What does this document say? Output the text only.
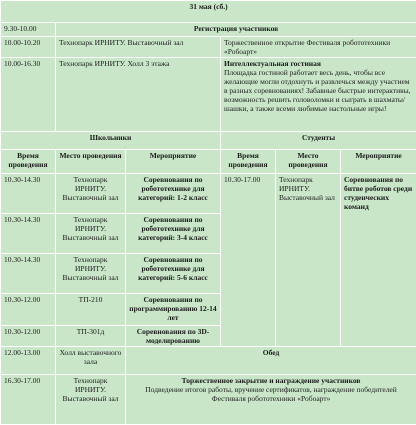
31 мая (сб.)					
9.30-10.00	Регистрация участников				
10.00-10.20	Технопарк ИРНИТУ. Выставочный зал		Торжественное открытие Фестиваля робототехники «Робоарт»		
10.00-16.30	Технопарк ИРНИТУ. Холл 3 этажа		Интеллектуальная гостиная
Площадка гостиной работает весь день, чтобы все желающие могли отдохнуть и развлечься между участием в разных соревнованиях! Забавные быстрые интерактивы, возможность решить головоломки и сыграть в шахматы/шашки, а также всеми любимые настольные игры!		

Школьники			Студенты		
Время проведения	Место проведения	Мероприятие	Время проведения	Место проведения	Мероприятие
10.30-14.30	Технопарк ИРНИТУ. Выставочный зал	Соревнования по робототехнике для категорий: 1-2 класс	10.30-17.00	Технопарк ИРНИТУ. Выставочный зал	Соревнования по битве роботов среди студенческих команд
10.30-14.30	Технопарк ИРНИТУ. Выставочный зал	Соревнования по робототехнике для категорий: 3-4 класс			
10.30-14.30	Технопарк ИРНИТУ. Выставочный зал	Соревнования по робототехнике для категорий: 5-6 класс			
10.30-12.00	ТП-210	Соревнования по программированию 12-14 лет			
10.30-12.00	ТП-301д	Соревнования по 3D-моделированию			
12.00-13.00	Холл выставочного зала	Обед			
16.30-17.00	Технопарк ИРНИТУ. Выставочный зал	Торжественное закрытие и награждение участников
Подведение итогов работы, вручение сертификатов, награждение победителей
Фестиваля робототехники «Робоарт»			
